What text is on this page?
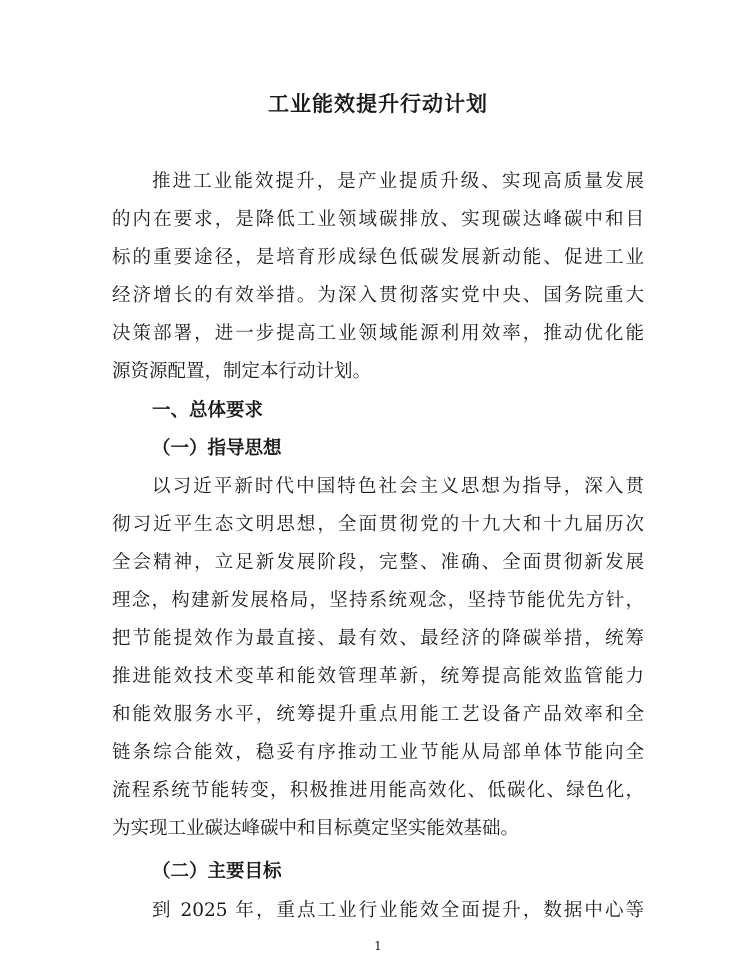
工业能效提升行动计划

推进工业能效提升，是产业提质升级、实现高质量发展

的内在要求，是降低工业领域碳排放、实现碳达峰碳中和目

标的重要途径，是培育形成绿色低碳发展新动能、促进工业

经济增长的有效举措。为深入贯彻落实党中央、国务院重大

决策部署，进一步提高工业领域能源利用效率，推动优化能

源资源配置，制定本行动计划。

一、总体要求

（一）指导思想

以习近平新时代中国特色社会主义思想为指导，深入贯

彻习近平生态文明思想，全面贯彻党的十九大和十九届历次

全会精神，立足新发展阶段，完整、准确、全面贯彻新发展

理念，构建新发展格局，坚持系统观念，坚持节能优先方针，

把节能提效作为最直接、最有效、最经济的降碳举措，统筹

推进能效技术变革和能效管理革新，统筹提高能效监管能力

和能效服务水平，统筹提升重点用能工艺设备产品效率和全

链条综合能效，稳妥有序推动工业节能从局部单体节能向全

流程系统节能转变，积极推进用能高效化、低碳化、绿色化，

为实现工业碳达峰碳中和目标奠定坚实能效基础。

（二）主要目标

到 2025 年，重点工业行业能效全面提升，数据中心等

1
